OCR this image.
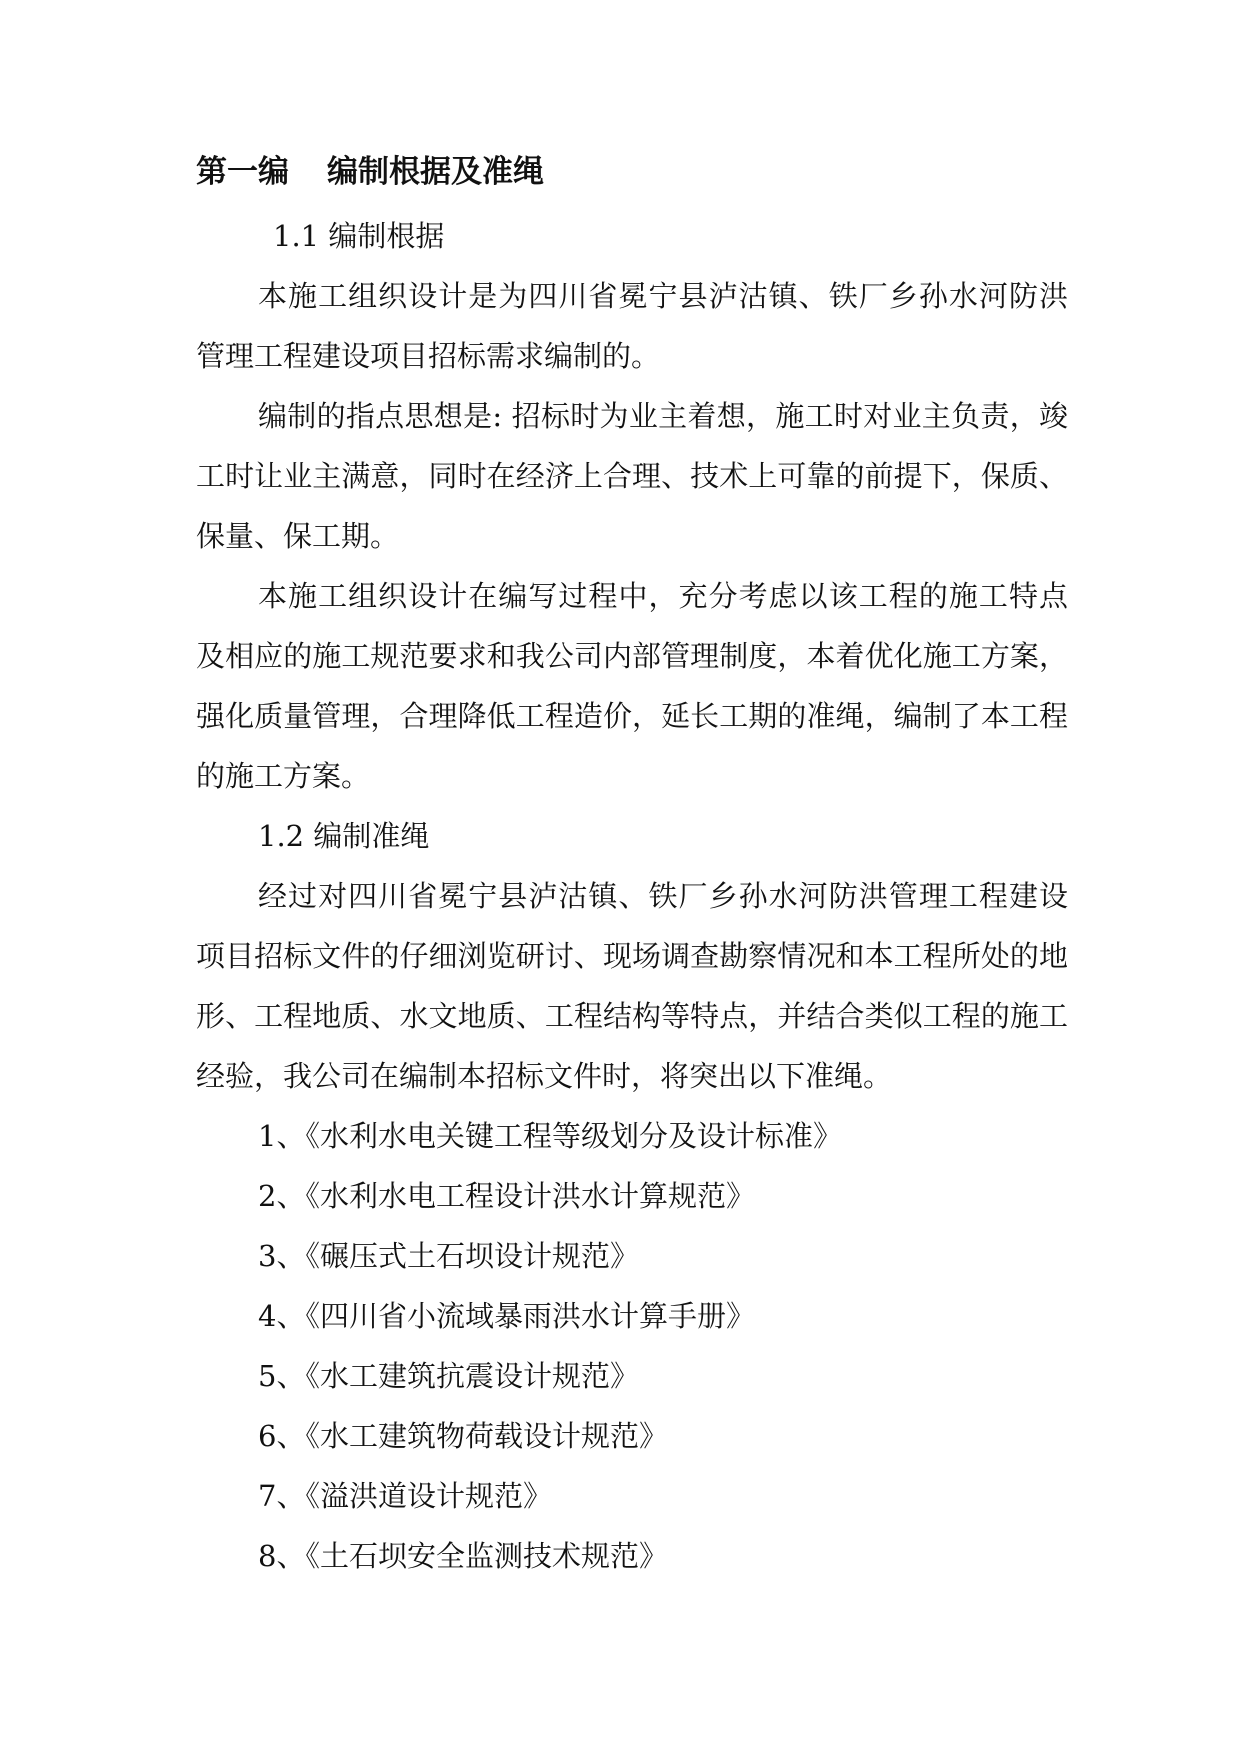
第一编 编制根据及准绳

1.1 编制根据

本施工组织设计是为四川省冕宁县泸沽镇、铁厂乡孙水河防洪管理工程建设项目招标需求编制的。

编制的指点思想是: 招标时为业主着想，施工时对业主负责，竣工时让业主满意，同时在经济上合理、技术上可靠的前提下，保质、保量、保工期。

本施工组织设计在编写过程中，充分考虑以该工程的施工特点及相应的施工规范要求和我公司内部管理制度，本着优化施工方案，强化质量管理，合理降低工程造价，延长工期的准绳，编制了本工程的施工方案。

1.2 编制准绳

经过对四川省冕宁县泸沽镇、铁厂乡孙水河防洪管理工程建设项目招标文件的仔细浏览研讨、现场调查勘察情况和本工程所处的地形、工程地质、水文地质、工程结构等特点，并结合类似工程的施工经验，我公司在编制本招标文件时，将突出以下准绳。

1、《水利水电关键工程等级划分及设计标准》
2、《水利水电工程设计洪水计算规范》
3、《碾压式土石坝设计规范》
4、《四川省小流域暴雨洪水计算手册》
5、《水工建筑抗震设计规范》
6、《水工建筑物荷载设计规范》
7、《溢洪道设计规范》
8、《土石坝安全监测技术规范》
